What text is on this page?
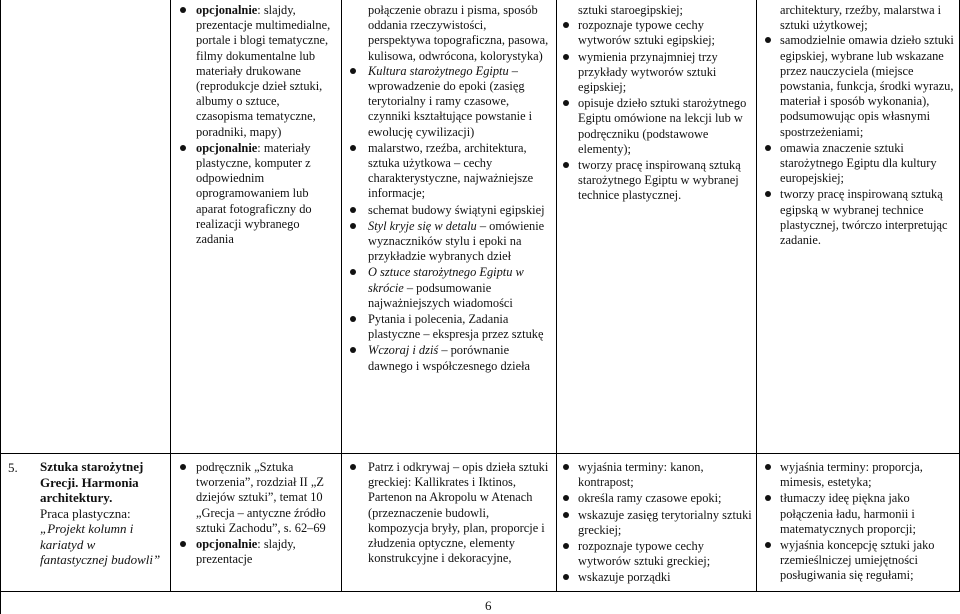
opcjonalnie: slajdy, prezentacje multimedialne, portale i blogi tematyczne, filmy dokumentalne lub materiały drukowane (reprodukcje dzieł sztuki, albumy o sztuce, czasopisma tematyczne, poradniki, mapy)
opcjonalnie: materiały plastyczne, komputer z odpowiednim oprogramowaniem lub aparat fotograficzny do realizacji wybranego zadania
połączenie obrazu i pisma, sposób oddania rzeczywistości, perspektywa topograficzna, pasowa, kulisowa, odwrócona, kolorystyka)
Kultura starożytnego Egiptu – wprowadzenie do epoki (zasięg terytorialny i ramy czasowe, czynniki kształtujące powstanie i ewolucję cywilizacji)
malarstwo, rzeźba, architektura, sztuka użytkowa – cechy charakterystyczne, najważniejsze informacje;
schemat budowy świątyni egipskiej
Styl kryje się w detalu – omówienie wyznaczników stylu i epoki na przykładzie wybranych dzieł
O sztuce starożytnego Egiptu w skrócie – podsumowanie najważniejszych wiadomości
Pytania i polecenia, Zadania plastyczne – ekspresja przez sztukę
Wczoraj i dziś – porównanie dawnego i współczesnego dzieła
sztuki staroegipskiej;
rozpoznaje typowe cechy wytworów sztuki egipskiej;
wymienia przynajmniej trzy przykłady wytworów sztuki egipskiej;
opisuje dzieło sztuki starożytnego Egiptu omówione na lekcji lub w podręczniku (podstawowe elementy);
tworzy pracę inspirowaną sztuką starożytnego Egiptu w wybranej technice plastycznej.
architektury, rzeźby, malarstwa i sztuki użytkowej;
samodzielnie omawia dzieło sztuki egipskiej, wybrane lub wskazane przez nauczyciela (miejsce powstania, funkcja, środki wyrazu, materiał i sposób wykonania), podsumowując opis własnymi spostrzeżeniami;
omawia znaczenie sztuki starożytnego Egiptu dla kultury europejskiej;
tworzy pracę inspirowaną sztuką egipską w wybranej technice plastycznej, twórczo interpretując zadanie.
5. Sztuka starożytnej Grecji. Harmonia architektury.
Praca plastyczna:
„Projekt kolumn i kariatyd w fantastycznej budowli”
podręcznik „Sztuka tworzenia”, rozdział II „Z dziejów sztuki”, temat 10 „Grecja – antyczne źródło sztuki Zachodu”, s. 62–69
opcjonalnie: slajdy, prezentacje
Patrz i odkrywaj – opis dzieła sztuki greckiej: Kallikrates i Iktinos, Partenon na Akropolu w Atenach (przeznaczenie budowli, kompozycja bryły, plan, proporcje i złudzenia optyczne, elementy konstrukcyjne i dekoracyjne,
wyjaśnia terminy: kanon, kontrapost;
określa ramy czasowe epoki;
wskazuje zasięg terytorialny sztuki greckiej;
rozpoznaje typowe cechy wytworów sztuki greckiej;
wskazuje porządki
wyjaśnia terminy: proporcja, mimesis, estetyka;
tłumaczy ideę piękna jako połączenia ładu, harmonii i matematycznych proporcji;
wyjaśnia koncepcję sztuki jako rzemieślniczej umiejętności posługiwania się regułami;
6
